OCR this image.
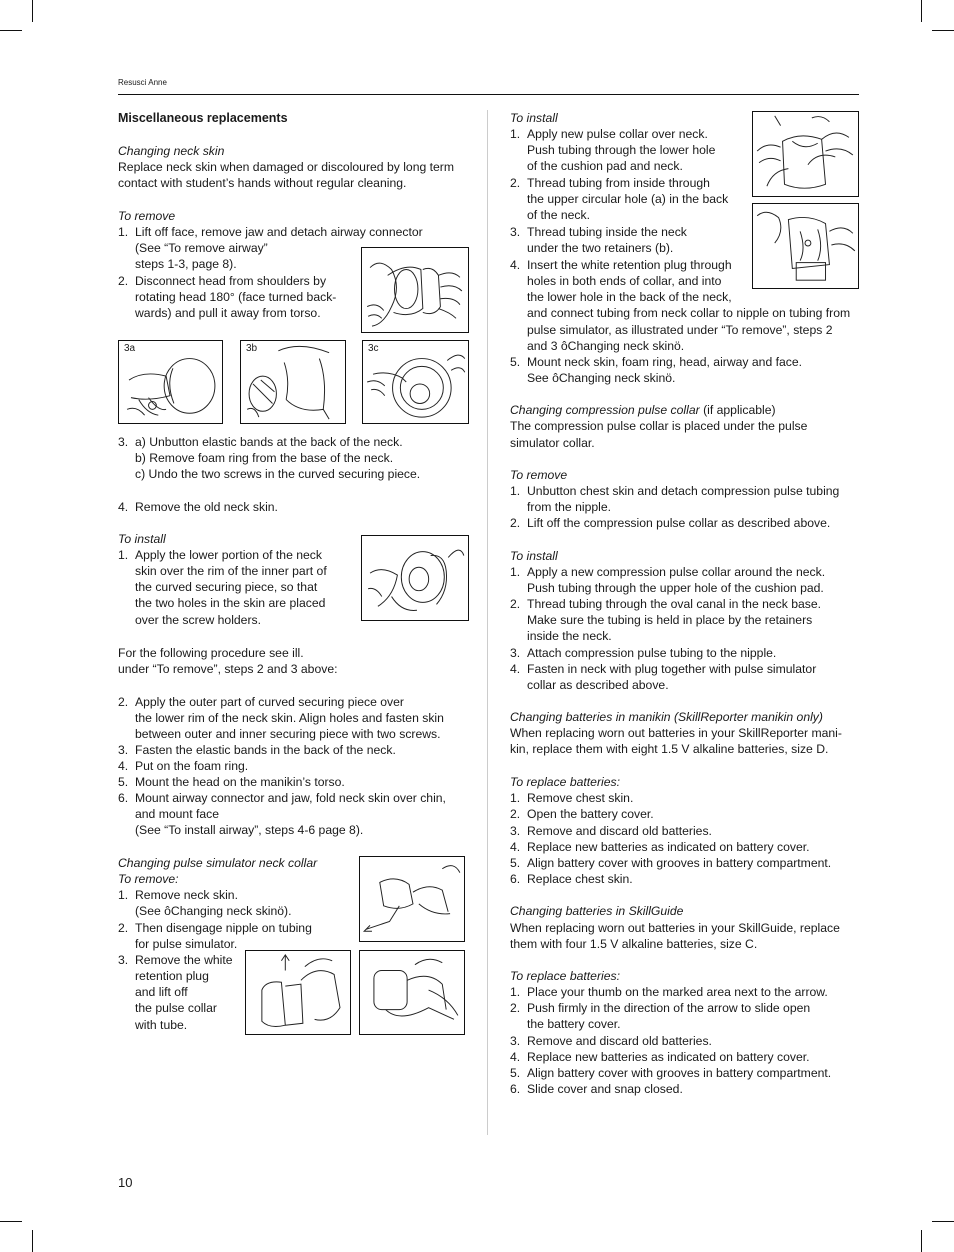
Resusci Anne
Miscellaneous replacements
Changing neck skin
Replace neck skin when damaged or discoloured by long term
contact with student’s hands without regular cleaning.
To remove
1. Lift off face, remove jaw and detach airway connector
(See “To remove airway”
steps 1-3, page 8).
2. Disconnect head from shoulders by
rotating head 180° (face turned back-
wards) and pull it away from torso.
3. a) Unbutton elastic bands at the back of the neck.
b) Remove foam ring from the base of the neck.
c) Undo the two screws in the curved securing piece.
4. Remove the old neck skin.
To install
1. Apply the lower portion of the neck
skin over the rim of the inner part of
the curved securing piece, so that
the two holes in the skin are placed
over the screw holders.
For the following procedure see ill.
under “To remove”, steps 2 and 3 above:
2. Apply the outer part of curved securing piece over
the lower rim of the neck skin. Align holes and fasten skin
between outer and inner securing piece with two screws.
3. Fasten the elastic bands in the back of the neck.
4. Put on the foam ring.
5. Mount the head on the manikin’s torso.
6. Mount airway connector and jaw, fold neck skin over chin,
and mount face
(See “To install airway”, steps 4-6 page 8).
Changing pulse simulator neck collar
To remove:
1. Remove neck skin.
(See ôChanging neck skinö).
2. Then disengage nipple on tubing
for pulse simulator.
3. Remove the white
retention plug
and lift off
the pulse collar
with tube.
3a	3b	3c
To install
1. Apply new pulse collar over neck.
Push tubing through the lower hole
of the cushion pad and neck.
2. Thread tubing from inside through
the upper circular hole (a) in the back
of the neck.
3. Thread tubing inside the neck
under the two retainers (b).
4. Insert the white retention plug through
holes in both ends of collar, and into
the lower hole in the back of the neck,
and connect tubing from neck collar to nipple on tubing from
pulse simulator, as illustrated under “To remove”, steps 2
and 3 ôChanging neck skinö.
5. Mount neck skin, foam ring, head, airway and face.
See ôChanging neck skinö.
Changing compression pulse collar (if applicable)
The compression pulse collar is placed under the pulse
simulator collar.
To remove
1. Unbutton chest skin and detach compression pulse tubing
from the nipple.
2. Lift off the compression pulse collar as described above.
To install
1. Apply a new compression pulse collar around the neck.
Push tubing through the upper hole of the cushion pad.
2. Thread tubing through the oval canal in the neck base.
Make sure the tubing is held in place by the retainers
inside the neck.
3. Attach compression pulse tubing to the nipple.
4. Fasten in neck with plug together with pulse simulator
collar as described above.
Changing batteries in manikin (SkillReporter manikin only)
When replacing worn out batteries in your SkillReporter mani-
kin, replace them with eight 1.5 V alkaline batteries, size D.
To replace batteries:
1. Remove chest skin.
2. Open the battery cover.
3. Remove and discard old batteries.
4. Replace new batteries as indicated on battery cover.
5. Align battery cover with grooves in battery compartment.
6. Replace chest skin.
Changing batteries in SkillGuide
When replacing worn out batteries in your SkillGuide, replace
them with four 1.5 V alkaline batteries, size C.
To replace batteries:
1. Place your thumb on the marked area next to the arrow.
2. Push firmly in the direction of the arrow to slide open
the battery cover.
3. Remove and discard old batteries.
4. Replace new batteries as indicated on battery cover.
5. Align battery cover with grooves in battery compartment.
6. Slide cover and snap closed.
10
